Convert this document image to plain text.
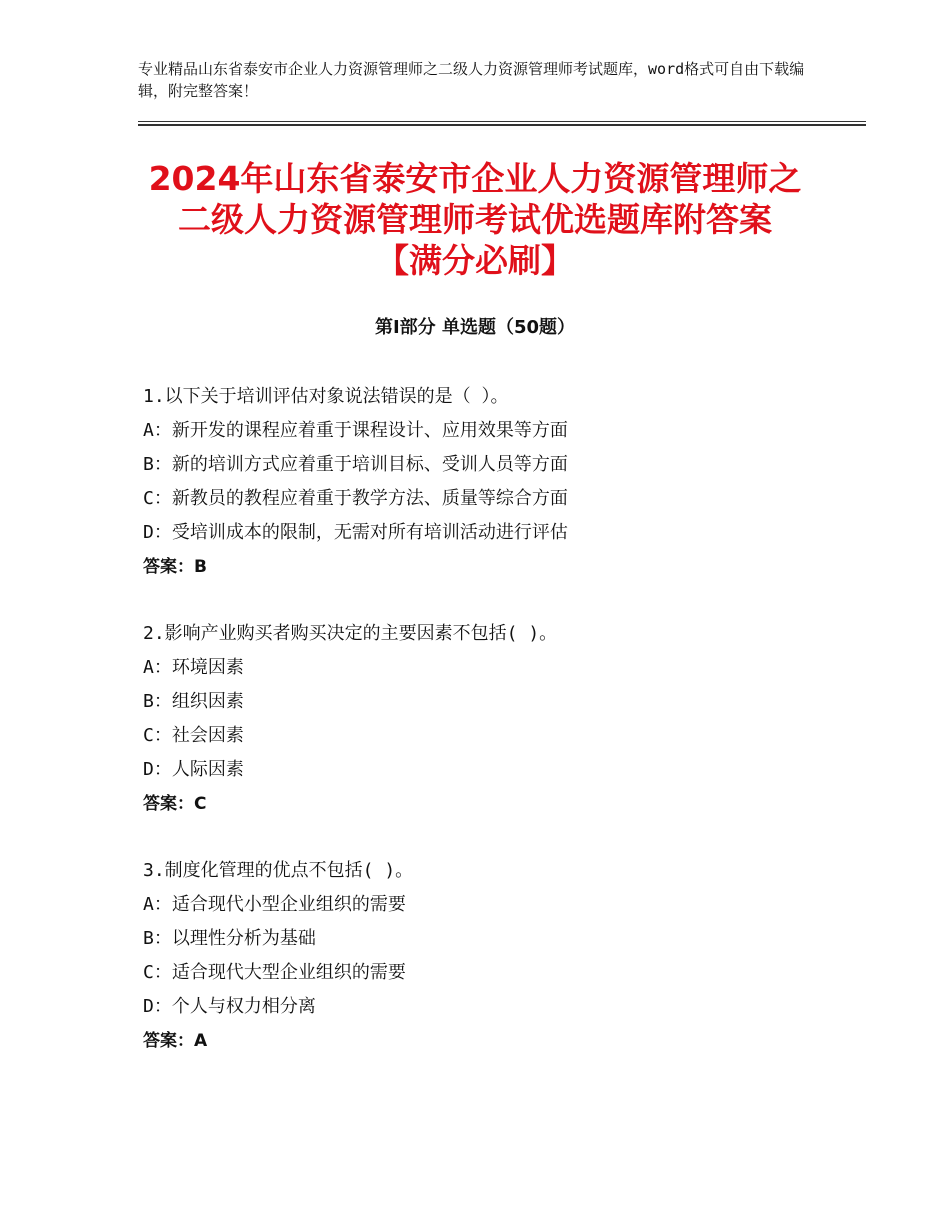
专业精品山东省泰安市企业人力资源管理师之二级人力资源管理师考试题库，word格式可自由下载编辑，附完整答案！
2024年山东省泰安市企业人力资源管理师之
二级人力资源管理师考试优选题库附答案
【满分必刷】
第Ⅰ部分 单选题（50题）
1.以下关于培训评估对象说法错误的是（ ）。
A：新开发的课程应着重于课程设计、应用效果等方面
B：新的培训方式应着重于培训目标、受训人员等方面
C：新教员的教程应着重于教学方法、质量等综合方面
D：受培训成本的限制，无需对所有培训活动进行评估
答案：B
2.影响产业购买者购买决定的主要因素不包括( )。
A：环境因素
B：组织因素
C：社会因素
D：人际因素
答案：C
3.制度化管理的优点不包括( )。
A：适合现代小型企业组织的需要
B：以理性分析为基础
C：适合现代大型企业组织的需要
D：个人与权力相分离
答案：A
